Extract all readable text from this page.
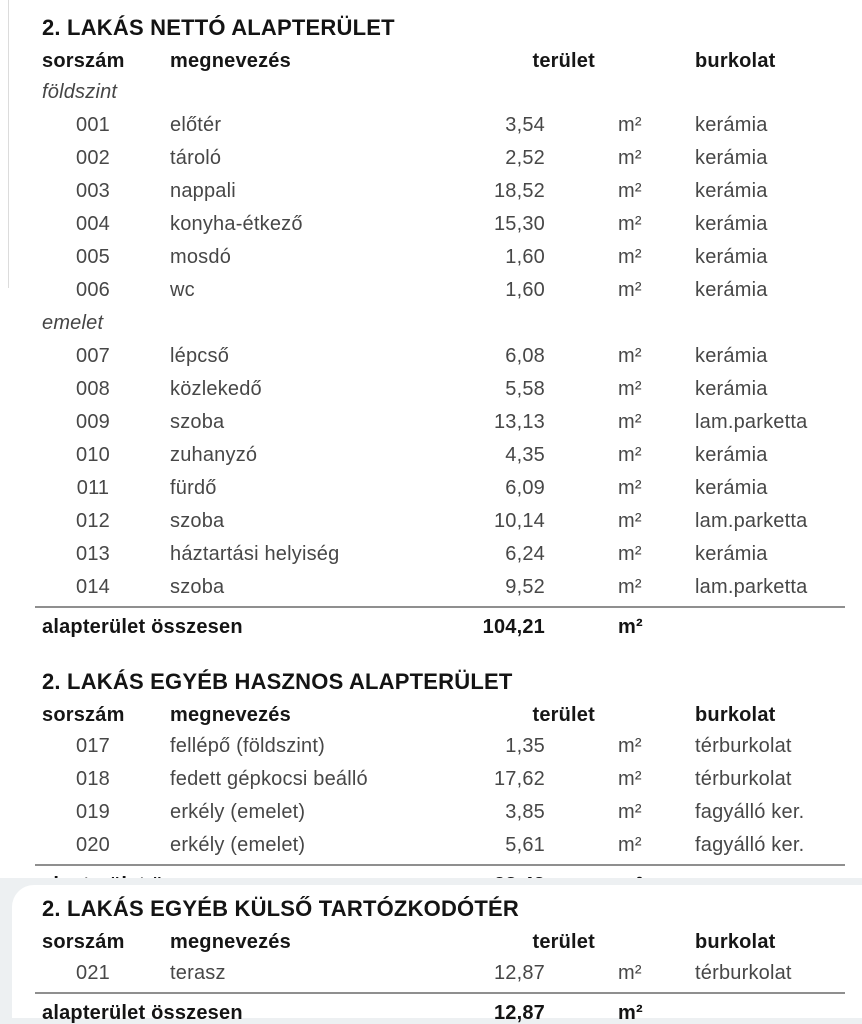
2. LAKÁS NETTÓ ALAPTERÜLET
sorszám	megnevezés	terület	burkolat
földszint
001	előtér	3,54	m²	kerámia
002	tároló	2,52	m²	kerámia
003	nappali	18,52	m²	kerámia
004	konyha-étkező	15,30	m²	kerámia
005	mosdó	1,60	m²	kerámia
006	wc	1,60	m²	kerámia
emelet
007	lépcső	6,08	m²	kerámia
008	közlekedő	5,58	m²	kerámia
009	szoba	13,13	m²	lam.parketta
010	zuhanyzó	4,35	m²	kerámia
011	fürdő	6,09	m²	kerámia
012	szoba	10,14	m²	lam.parketta
013	háztartási helyiség	6,24	m²	kerámia
014	szoba	9,52	m²	lam.parketta
alapterület összesen	104,21	m²
2. LAKÁS EGYÉB HASZNOS ALAPTERÜLET
sorszám	megnevezés	terület	burkolat
017	fellépő (földszint)	1,35	m²	térburkolat
018	fedett gépkocsi beálló	17,62	m²	térburkolat
019	erkély (emelet)	3,85	m²	fagyálló ker.
020	erkély (emelet)	5,61	m²	fagyálló ker.
2. LAKÁS EGYÉB KÜLSŐ TARTÓZKODÓTÉR
sorszám	megnevezés	terület	burkolat
021	terasz	12,87	m²	térburkolat
alapterület összesen	12,87	m²
